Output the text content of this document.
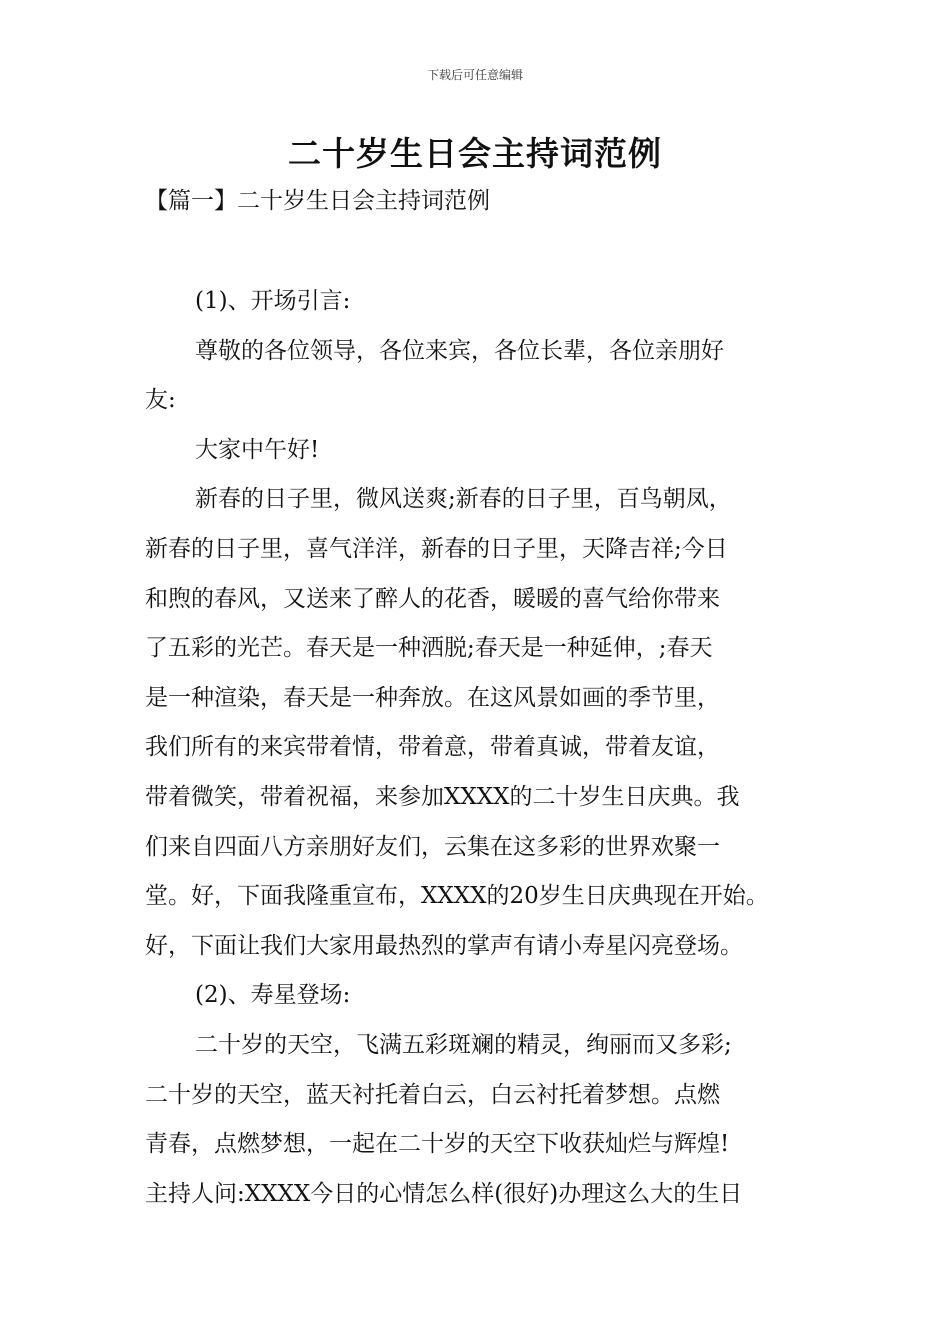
下载后可任意编辑
二十岁生日会主持词范例
【篇一】二十岁生日会主持词范例

(1)、开场引言:

尊敬的各位领导，各位来宾，各位长辈，各位亲朋好

友:

大家中午好!

新春的日子里，微风送爽;新春的日子里，百鸟朝凤，

新春的日子里，喜气洋洋，新春的日子里，天降吉祥;今日

和煦的春风，又送来了醉人的花香，暖暖的喜气给你带来

了五彩的光芒。春天是一种洒脱;春天是一种延伸，;春天

是一种渲染，春天是一种奔放。在这风景如画的季节里，

我们所有的来宾带着情，带着意，带着真诚，带着友谊，

带着微笑，带着祝福，来参加XXXX的二十岁生日庆典。我

们来自四面八方亲朋好友们，云集在这多彩的世界欢聚一

堂。好，下面我隆重宣布，XXXX的20岁生日庆典现在开始。

好，下面让我们大家用最热烈的掌声有请小寿星闪亮登场。

(2)、寿星登场:

二十岁的天空，飞满五彩斑斓的精灵，绚丽而又多彩;

二十岁的天空，蓝天衬托着白云，白云衬托着梦想。点燃

青春，点燃梦想，一起在二十岁的天空下收获灿烂与辉煌!

主持人问:XXXX今日的心情怎么样(很好)办理这么大的生日
